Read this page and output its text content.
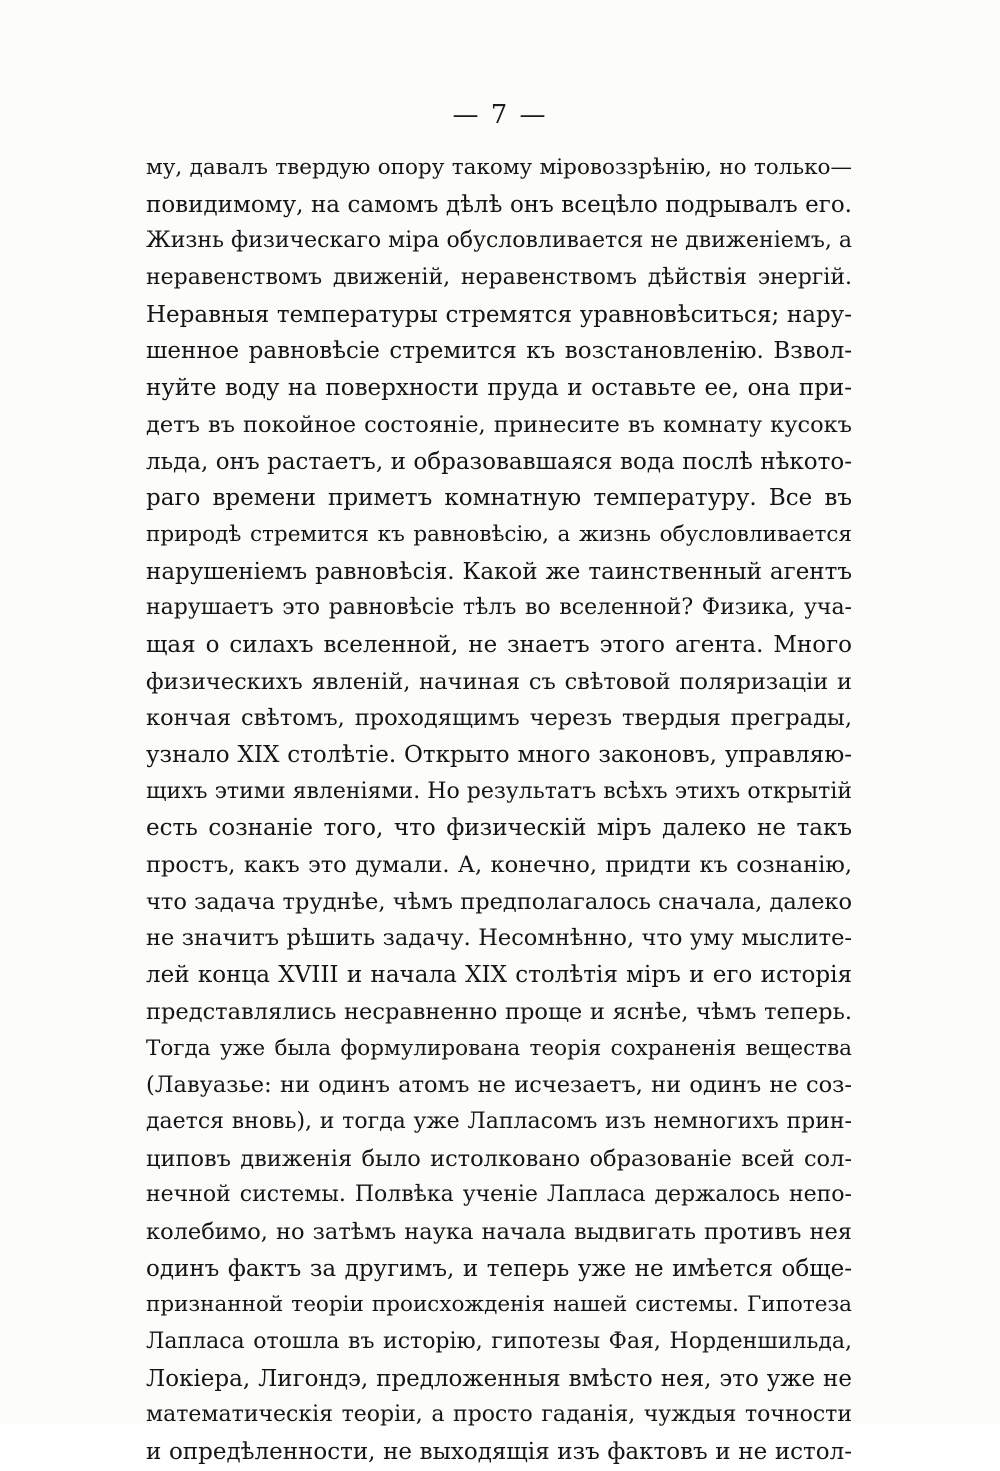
— 7 —
му, давалъ твердую опору такому міровоззрѣнію, но только—
повидимому, на самомъ дѣлѣ онъ всецѣло подрывалъ его.
Жизнь физическаго міра обусловливается не движеніемъ, а
неравенствомъ движеній, неравенствомъ дѣйствія энергій.
Неравныя температуры стремятся уравновѣситься; нару-
шенное равновѣсіе стремится къ возстановленію. Взвол-
нуйте воду на поверхности пруда и оставьте ее, она при-
детъ въ покойное состояніе, принесите въ комнату кусокъ
льда, онъ растаетъ, и образовавшаяся вода послѣ нѣкото-
раго времени приметъ комнатную температуру. Все въ
природѣ стремится къ равновѣсію, а жизнь обусловливается
нарушеніемъ равновѣсія. Какой же таинственный агентъ
нарушаетъ это равновѣсіе тѣлъ во вселенной? Физика, уча-
щая о силахъ вселенной, не знаетъ этого агента. Много
физическихъ явленій, начиная съ свѣтовой поляризаціи и
кончая свѣтомъ, проходящимъ черезъ твердыя преграды,
узнало XIX столѣтіе. Открыто много законовъ, управляю-
щихъ этими явленіями. Но результатъ всѣхъ этихъ открытій
есть сознаніе того, что физическій міръ далеко не такъ
простъ, какъ это думали. А, конечно, придти къ сознанію,
что задача труднѣе, чѣмъ предполагалось сначала, далеко
не значитъ рѣшить задачу. Несомнѣнно, что уму мыслите-
лей конца XVIII и начала XIX столѣтія міръ и его исторія
представлялись несравненно проще и яснѣе, чѣмъ теперь.
Тогда уже была формулирована теорія сохраненія вещества
(Лавуазье: ни одинъ атомъ не исчезаетъ, ни одинъ не соз-
дается вновь), и тогда уже Лапласомъ изъ немногихъ прин-
циповъ движенія было истолковано образованіе всей сол-
нечной системы. Полвѣка ученіе Лапласа держалось непо-
колебимо, но затѣмъ наука начала выдвигать противъ нея
одинъ фактъ за другимъ, и теперь уже не имѣется обще-
признанной теоріи происхожденія нашей системы. Гипотеза
Лапласа отошла въ исторію, гипотезы Фая, Норденшильда,
Локіера, Лигондэ, предложенныя вмѣсто нея, это уже не
математическія теоріи, а просто гаданія, чуждыя точности
и опредѣленности, не выходящія изъ фактовъ и не истол-
